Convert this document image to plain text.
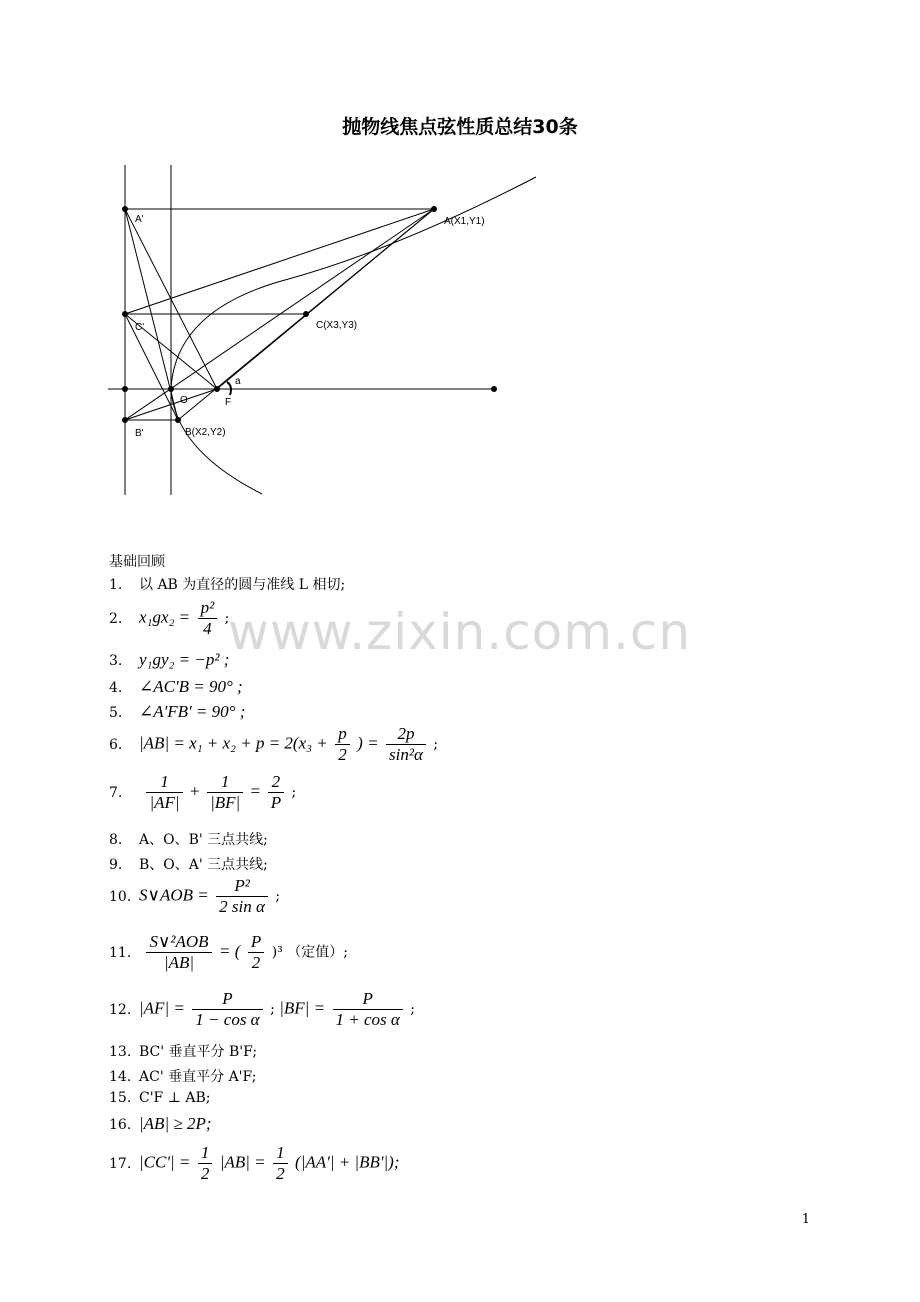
抛物线焦点弦性质总结30条
A'	A(X1,Y1)
C'	C(X3,Y3)
a
O	F
B'	B(X2,Y2)
基础回顾
www.zixin.com.cn
1. 以 AB 为直径的圆与准线 L 相切;
2. $x_1gx_2 = \frac{\text{p²}}{4}$ ;
3. y₁gy₂ = −p² ;
4. ∠AC'B = 90° ;
5. ∠A'FB' = 90° ;
6. $|AB| = x_1 + x_2 + p = 2(x_3 + \frac{p}{2}$ ) = $\frac{2p}{\text{sin²α}}$ ;
7. $\frac{1}{|AF|} + \frac{1}{|BF|} = \frac{2}{P}$ ;
8. A、O、B' 三点共线;
9. B、O、A' 三点共线;
10. S∨AOB = $\frac{\text{P²}}{\text{2 sin α}}$ ;
11. $\frac{\text{S∨²AOB}}{|AB|}$ = ( $\frac{P}{2} )^3$ （定值）;
12. $|AF| = \frac{P}{\text{1 − cos α}}$ ; $|BF| = \frac{P}{\text{1 + cos α}}$ ;
13. BC' 垂直平分 B'F;
14. AC' 垂直平分 A'F;
15. C'F ⊥ AB;
16. |AB| ≥ 2P;
17. $|CC'| = \frac{1}{2} |AB| = \frac{1}{2} (|AA'| + |BB'|)$;
1
